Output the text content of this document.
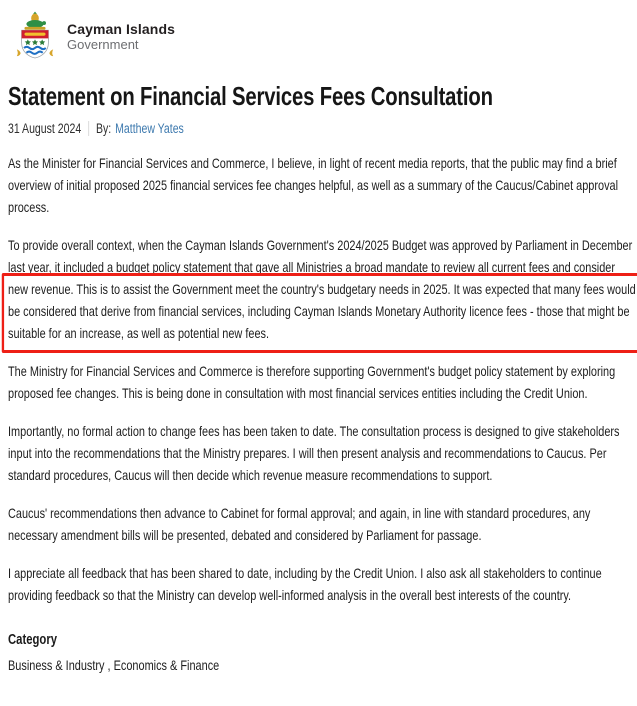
Cayman Islands
Government
Statement on Financial Services Fees Consultation
31 August 2024 By: Matthew Yates

As the Minister for Financial Services and Commerce, I believe, in light of recent media reports, that the public may find a brief overview of initial proposed 2025 financial services fee changes helpful, as well as a summary of the Caucus/Cabinet approval process.

To provide overall context, when the Cayman Islands Government's 2024/2025 Budget was approved by Parliament in December last year, it included a budget policy statement that gave all Ministries a broad mandate to review all current fees and consider new revenue. This is to assist the Government meet the country's budgetary needs in 2025. It was expected that many fees would be considered that derive from financial services, including Cayman Islands Monetary Authority licence fees - those that might be suitable for an increase, as well as potential new fees.

The Ministry for Financial Services and Commerce is therefore supporting Government's budget policy statement by exploring proposed fee changes. This is being done in consultation with most financial services entities including the Credit Union.

Importantly, no formal action to change fees has been taken to date. The consultation process is designed to give stakeholders input into the recommendations that the Ministry prepares. I will then present analysis and recommendations to Caucus. Per standard procedures, Caucus will then decide which revenue measure recommendations to support.

Caucus' recommendations then advance to Cabinet for formal approval; and again, in line with standard procedures, any necessary amendment bills will be presented, debated and considered by Parliament for passage.

I appreciate all feedback that has been shared to date, including by the Credit Union. I also ask all stakeholders to continue providing feedback so that the Ministry can develop well-informed analysis in the overall best interests of the country.

Category
Business & Industry , Economics & Finance
